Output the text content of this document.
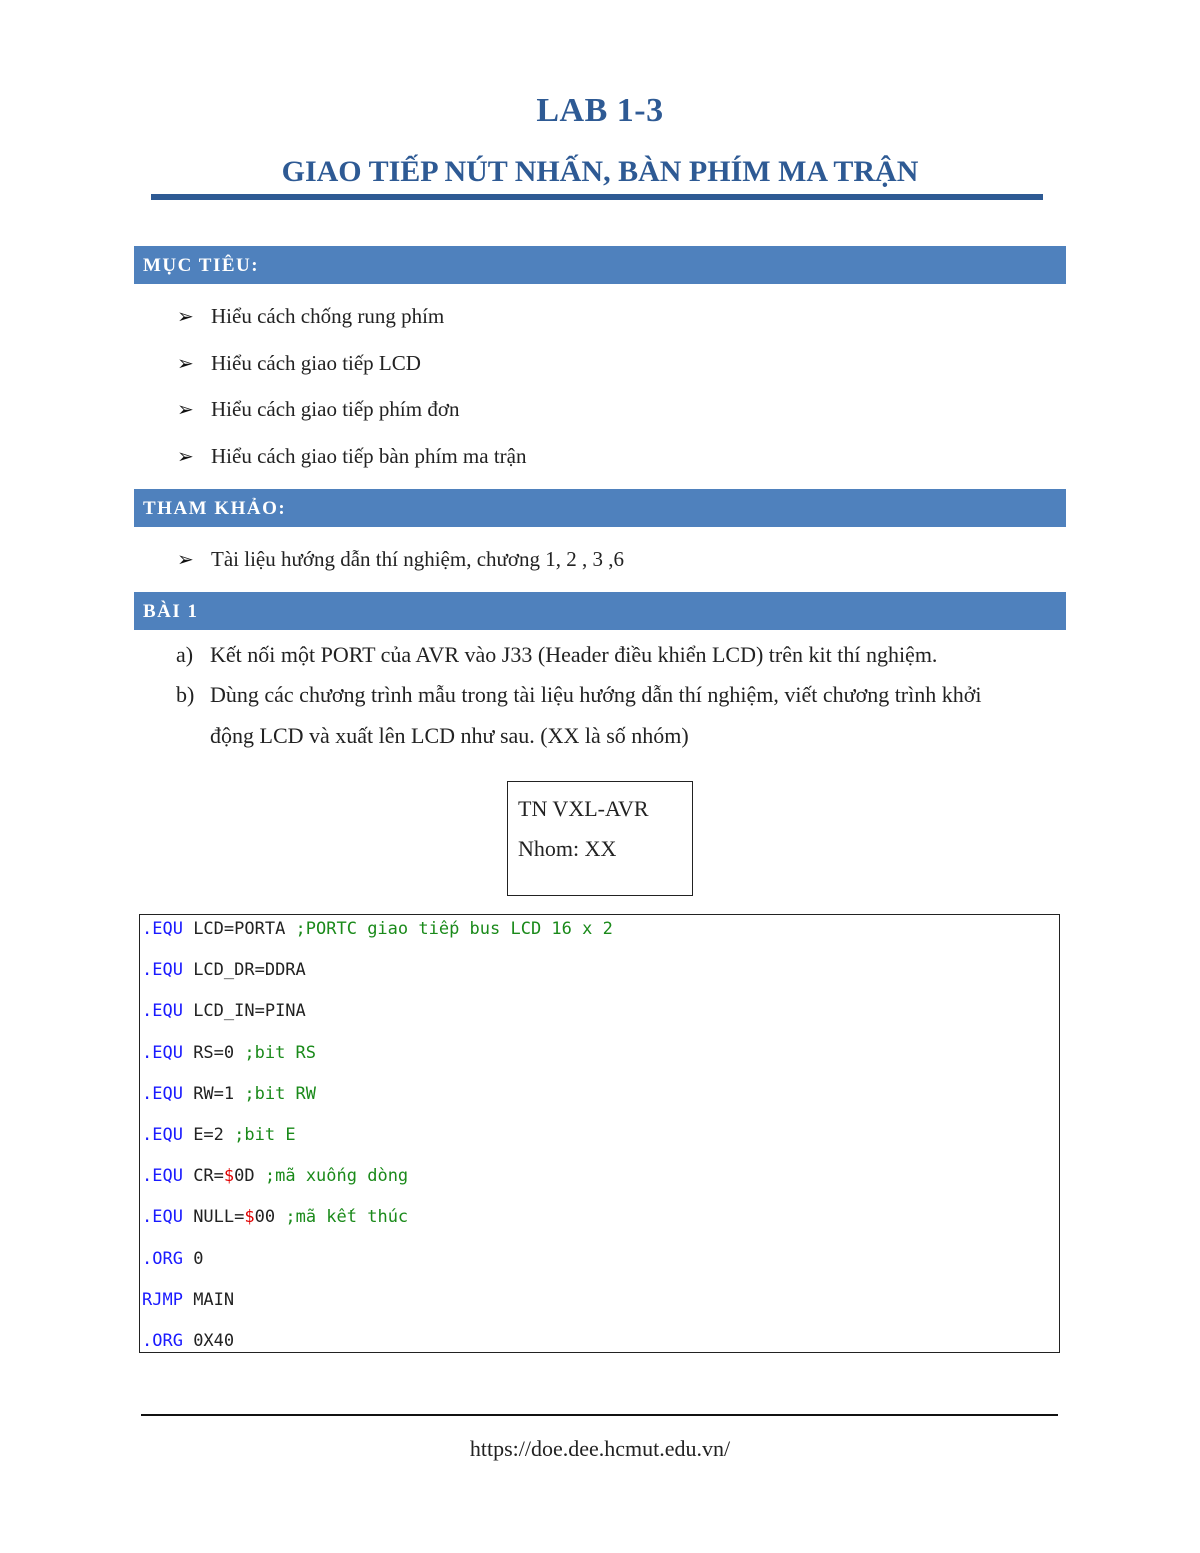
LAB 1-3
GIAO TIẾP NÚT NHẤN, BÀN PHÍM MA TRẬN
MỤC TIÊU:
➢ Hiểu cách chống rung phím
➢ Hiểu cách giao tiếp LCD
➢ Hiểu cách giao tiếp phím đơn
➢ Hiểu cách giao tiếp bàn phím ma trận
THAM KHẢO:
➢ Tài liệu hướng dẫn thí nghiệm, chương 1, 2 , 3 ,6
BÀI 1
a) Kết nối một PORT của AVR vào J33 (Header điều khiển LCD) trên kit thí nghiệm.
b) Dùng các chương trình mẫu trong tài liệu hướng dẫn thí nghiệm, viết chương trình khởi
động LCD và xuất lên LCD như sau. (XX là số nhóm)
TN VXL-AVR
Nhom: XX
.EQU LCD=PORTA ;PORTC giao tiếp bus LCD 16 x 2
.EQU LCD_DR=DDRA
.EQU LCD_IN=PINA
.EQU RS=0 ;bit RS
.EQU RW=1 ;bit RW
.EQU E=2 ;bit E
.EQU CR=$0D ;mã xuống dòng
.EQU NULL=$00 ;mã kết thúc
.ORG 0
RJMP MAIN
.ORG 0X40
https://doe.dee.hcmut.edu.vn/
